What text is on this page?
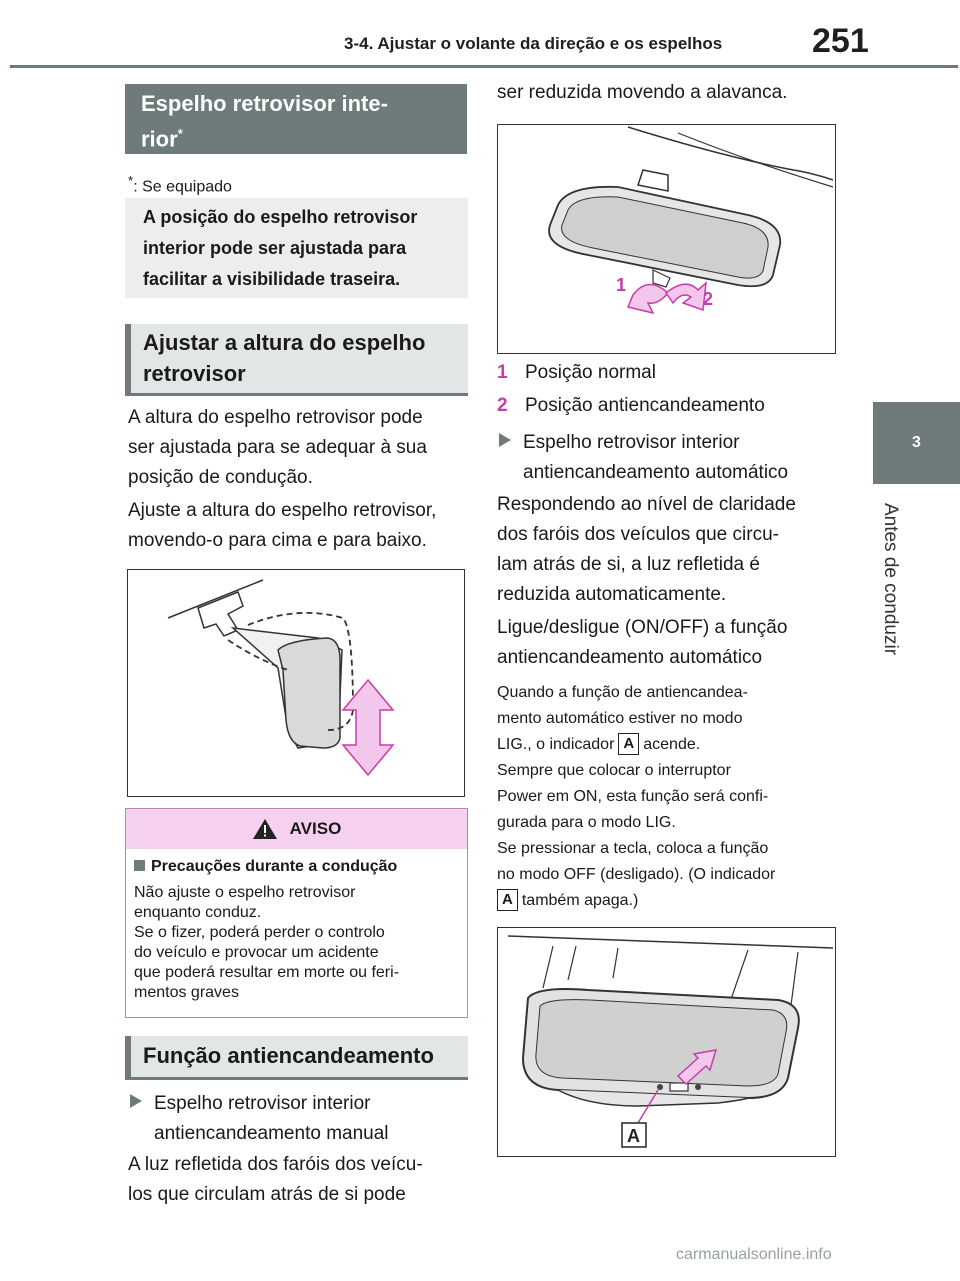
3-4. Ajustar o volante da direção e os espelhos	251
3
Antes de conduzir
Espelho retrovisor inte-
rior*
*: Se equipado
A posição do espelho retrovisor
interior pode ser ajustada para
facilitar a visibilidade traseira.
Ajustar a altura do espelho
retrovisor
A altura do espelho retrovisor pode
ser ajustada para se adequar à sua
posição de condução.
Ajuste a altura do espelho retrovisor,
movendo-o para cima e para baixo.
AVISO
Precauções durante a condução
Não ajuste o espelho retrovisor
enquanto conduz.
Se o fizer, poderá perder o controlo
do veículo e provocar um acidente
que poderá resultar em morte ou feri-
mentos graves
Função antiencandeamento
Espelho retrovisor interior
antiencandeamento manual
A luz refletida dos faróis dos veícu-
los que circulam atrás de si pode
ser reduzida movendo a alavanca.
1
2
1 Posição normal
2 Posição antiencandeamento
Espelho retrovisor interior
antiencandeamento automático
Respondendo ao nível de claridade
dos faróis dos veículos que circu-
lam atrás de si, a luz refletida é
reduzida automaticamente.
Ligue/desligue (ON/OFF) a função
antiencandeamento automático
Quando a função de antiencandea-
mento automático estiver no modo
LIG., o indicador A acende.
Sempre que colocar o interruptor
Power em ON, esta função será confi-
gurada para o modo LIG.
Se pressionar a tecla, coloca a função
no modo OFF (desligado). (O indicador
A também apaga.)
A
carmanualsonline.info
